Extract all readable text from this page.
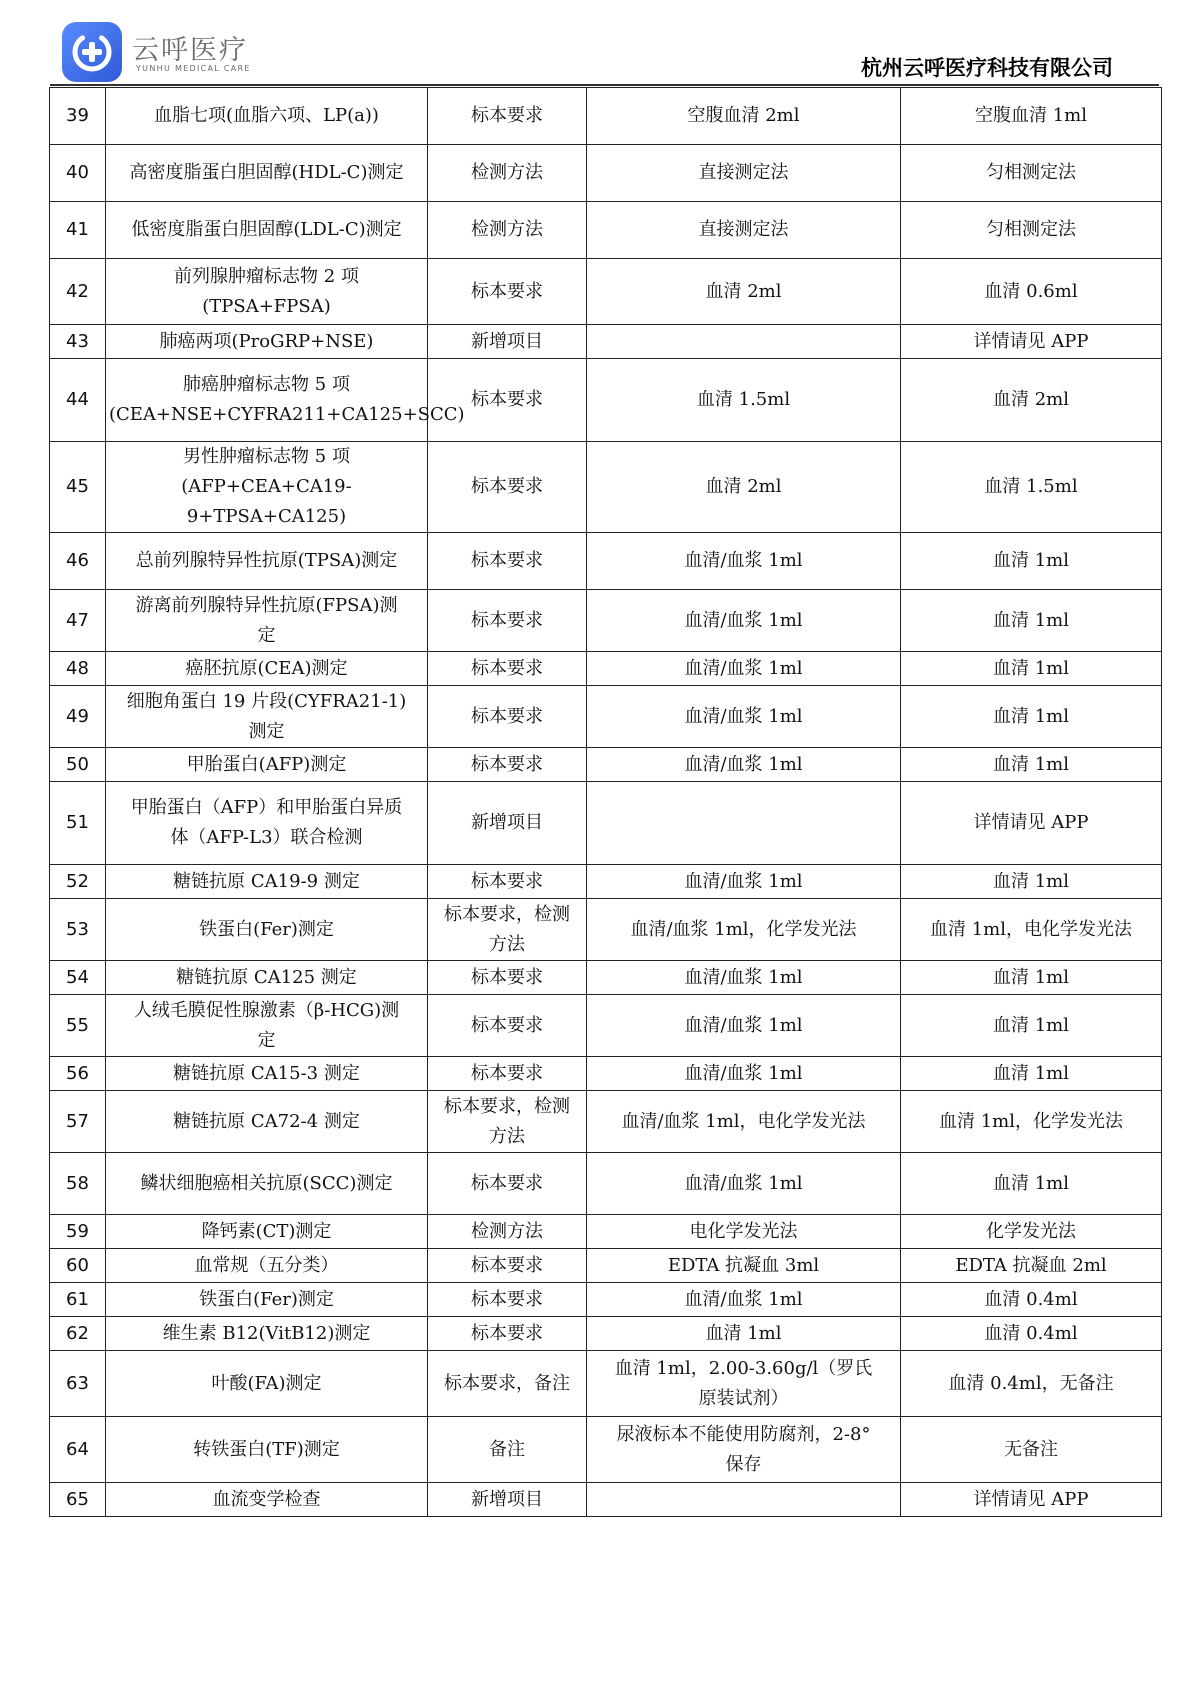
云呼医疗
YUNHU MEDICAL CARE	杭州云呼医疗科技有限公司
39	血脂七项(血脂六项、LP(a))	标本要求	空腹血清 2ml	空腹血清 1ml
40	高密度脂蛋白胆固醇(HDL-C)测定	检测方法	直接测定法	匀相测定法
41	低密度脂蛋白胆固醇(LDL-C)测定	检测方法	直接测定法	匀相测定法
42	前列腺肿瘤标志物 2 项
(TPSA+FPSA)	标本要求	血清 2ml	血清 0.6ml
43	肺癌两项(ProGRP+NSE)	新增项目		详情请见 APP
44	肺癌肿瘤标志物 5 项
(CEA+NSE+CYFRA211+CA125+SCC)	标本要求	血清 1.5ml	血清 2ml
45	男性肿瘤标志物 5 项
(AFP+CEA+CA19-9+TPSA+CA125)	标本要求	血清 2ml	血清 1.5ml
46	总前列腺特异性抗原(TPSA)测定	标本要求	血清/血浆 1ml	血清 1ml
47	游离前列腺特异性抗原(FPSA)测
定	标本要求	血清/血浆 1ml	血清 1ml
48	癌胚抗原(CEA)测定	标本要求	血清/血浆 1ml	血清 1ml
49	细胞角蛋白 19 片段(CYFRA21-1)
测定	标本要求	血清/血浆 1ml	血清 1ml
50	甲胎蛋白(AFP)测定	标本要求	血清/血浆 1ml	血清 1ml
51	甲胎蛋白（AFP）和甲胎蛋白异质
体（AFP-L3）联合检测	新增项目		详情请见 APP
52	糖链抗原 CA19-9 测定	标本要求	血清/血浆 1ml	血清 1ml
53	铁蛋白(Fer)测定	标本要求，检测
方法	血清/血浆 1ml，化学发光法	血清 1ml，电化学发光法
54	糖链抗原 CA125 测定	标本要求	血清/血浆 1ml	血清 1ml
55	人绒毛膜促性腺激素（β-HCG)测
定	标本要求	血清/血浆 1ml	血清 1ml
56	糖链抗原 CA15-3 测定	标本要求	血清/血浆 1ml	血清 1ml
57	糖链抗原 CA72-4 测定	标本要求，检测
方法	血清/血浆 1ml，电化学发光法	血清 1ml，化学发光法
58	鳞状细胞癌相关抗原(SCC)测定	标本要求	血清/血浆 1ml	血清 1ml
59	降钙素(CT)测定	检测方法	电化学发光法	化学发光法
60	血常规（五分类）	标本要求	EDTA 抗凝血 3ml	EDTA 抗凝血 2ml
61	铁蛋白(Fer)测定	标本要求	血清/血浆 1ml	血清 0.4ml
62	维生素 B12(VitB12)测定	标本要求	血清 1ml	血清 0.4ml
63	叶酸(FA)测定	标本要求，备注	血清 1ml，2.00-3.60g/l（罗氏
原装试剂）	血清 0.4ml，无备注
64	转铁蛋白(TF)测定	备注	尿液标本不能使用防腐剂，2-8°
保存	无备注
65	血流变学检查	新增项目		详情请见 APP
